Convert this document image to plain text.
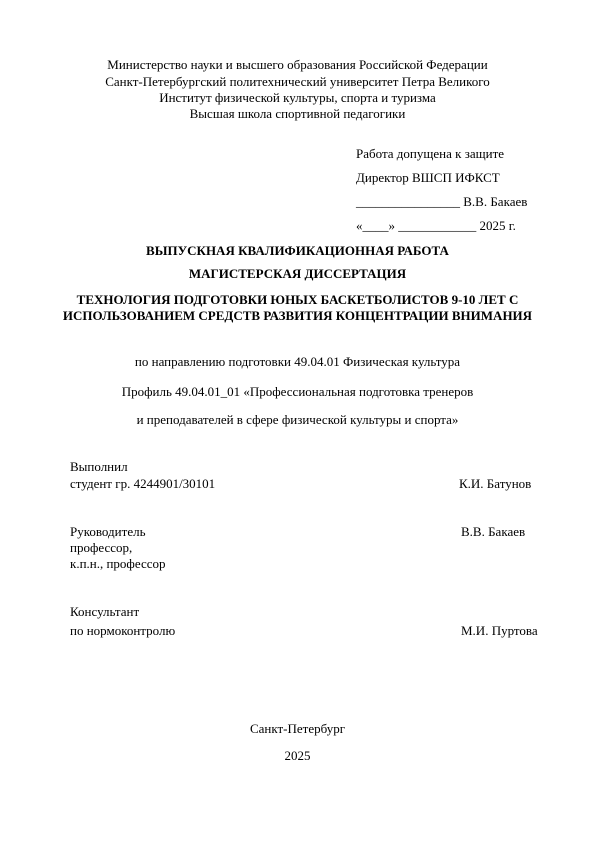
Министерство науки и высшего образования Российской Федерации
Санкт-Петербургский политехнический университет Петра Великого
Институт физической культуры, спорта и туризма
Высшая школа спортивной педагогики
Работа допущена к защите
Директор ВШСП ИФКСТ
________________ В.В. Бакаев
«____» ____________ 2025 г.
ВЫПУСКНАЯ КВАЛИФИКАЦИОННАЯ РАБОТА
МАГИСТЕРСКАЯ ДИССЕРТАЦИЯ
ТЕХНОЛОГИЯ ПОДГОТОВКИ ЮНЫХ БАСКЕТБОЛИСТОВ 9-10 ЛЕТ С ИСПОЛЬЗОВАНИЕМ СРЕДСТВ РАЗВИТИЯ КОНЦЕНТРАЦИИ ВНИМАНИЯ
по направлению подготовки 49.04.01 Физическая культура
Профиль 49.04.01_01 «Профессиональная подготовка тренеров
и преподавателей в сфере физической культуры и спорта»
Выполнил
студент гр. 4244901/30101	К.И. Батунов
Руководитель	В.В. Бакаев
профессор,
к.п.н., профессор
Консультант
по нормоконтролю	М.И. Пуртова
Санкт-Петербург
2025
